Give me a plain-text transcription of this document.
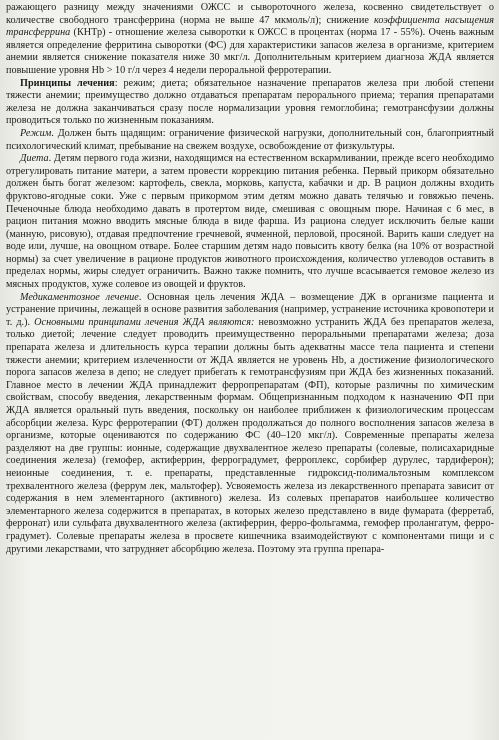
ражающего разницу между значениями ОЖСС и сывороточного железа, косвенно свидетельствует о количестве свободного трансферрина (норма не выше 47 мкмоль/л); снижение коэффициента насыщения трансферрина (КНТр) - отношение железа сыворотки к ОЖСС в процентах (норма 17 - 55%). Очень важным является определение ферритина сыворотки (ФС) для характеристики запасов железа в организме, критерием анемии является снижение показателя ниже 30 мкг/л. Дополнительным критерием диагноза ЖДА является повышение уровня Hb > 10 г/л через 4 недели пероральной ферротерапии.

Принципы лечения: режим; диета; обязательное назначение препаратов железа при любой степени тяжести анемии; преимущество должно отдаваться препаратам перорального приема; терапия препаратами железа не должна заканчиваться сразу после нормализации уровня гемоглобина; гемотрансфузии должны проводиться только по жизненным показаниям.

Режим. Должен быть щадящим: ограничение физической нагрузки, дополнительный сон, благоприятный психологический климат, пребывание на свежем воздухе, освобождение от физкультуры.

Диета. Детям первого года жизни, находящимся на естественном вскармливании, прежде всего необходимо отрегулировать питание матери, а затем провести коррекцию питания ребенка. Первый прикорм обязательно должен быть богат железом: картофель, свекла, морковь, капуста, кабачки и др. В рацион должны входить фруктово-ягодные соки. Уже с первым прикормом этим детям можно давать телячью и говяжью печень. Печеночные блюда необходимо давать в протертом виде, смешивая с овощным пюре. Начиная с 6 мес, в рацион питания можно вводить мясные блюда в виде фарша. Из рациона следует исключить белые каши (манную, рисовую), отдавая предпочтение гречневой, ячменной, перловой, просяной. Варить каши следует на воде или, лучше, на овощном отваре. Более старшим детям надо повысить квоту белка (на 10% от возрастной нормы) за счет увеличение в рационе продуктов животного происхождения, количество углеводов оставить в пределах нормы, жиры следует ограничить. Важно также помнить, что лучше всасывается гемовое железо из мясных продуктов, хуже солевое из овощей и фруктов.

Медикаментозное лечение. Основная цель лечения ЖДА – возмещение ДЖ в организме пациента и устранение причины, лежащей в основе развития заболевания (например, устранение источника кровопотери и т. д.). Основными принципами лечения ЖДА являются: невозможно устранить ЖДА без препаратов железа, только диетой; лечение следует проводить преимущественно пероральными препаратами железа; доза препарата железа и длительность курса терапии должны быть адекватны массе тела пациента и степени тяжести анемии; критерием излеченности от ЖДА является не уровень Hb, а достижение физиологического порога запасов железа в депо; не следует прибегать к гемотрансфузиям при ЖДА без жизненных показаний. Главное место в лечении ЖДА принадлежит ферропрепаратам (ФП), которые различны по химическим свойствам, способу введения, лекарственным формам. Общепризнанным подходом к назначению ФП при ЖДА является оральный путь введения, поскольку он наиболее приближен к физиологическим процессам абсорбции железа. Курс ферротерапии (ФТ) должен продолжаться до полного восполнения запасов железа в организме, которые оцениваются по содержанию ФС (40–120 мкг/л). Современные препараты железа разделяют на две группы: ионные, содержащие двухвалентное железо препараты (солевые, полисахаридные соединения железа) (гемофер, актиферрин, ферроградумет, ферроплекс, сорбифер дурулес, тардиферон); неионные соединения, т. е. препараты, представленные гидроксид-полимальтозным комплексом трехвалентного железа (феррум лек, мальтофер). Усвояемость железа из лекарственного препарата зависит от содержания в нем элементарного (активного) железа. Из солевых препаратов наибольшее количество элементарного железа содержится в препаратах, в которых железо представлено в виде фумарата (ферретаб, ферронат) или сульфата двухвалентного железа (актиферрин, ферро-фольгамма, гемофер пролангатум, ферро-градумет). Солевые препараты железа в просвете кишечника взаимодействуют с компонентами пищи и с другими лекарствами, что затрудняет абсорбцию железа. Поэтому эта группа препара-
